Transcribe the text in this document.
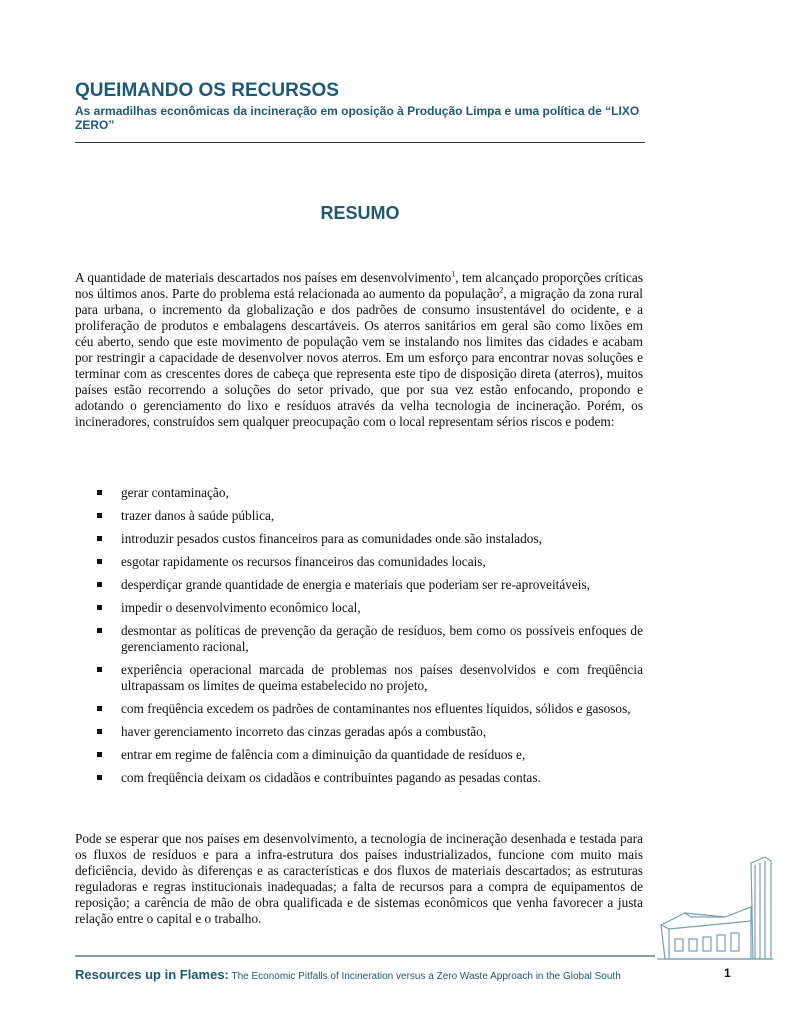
QUEIMANDO OS RECURSOS
As armadilhas econômicas da incineração em oposição à Produção Limpa e uma política de “LIXO ZERO”
RESUMO

A quantidade de materiais descartados nos países em desenvolvimento$^1$, tem alcançado proporções críticas nos últimos anos. Parte do problema está relacionada ao aumento da população$^2$, a migração da zona rural para urbana, o incremento da globalização e dos padrões de consumo insustentável do ocidente, e a proliferação de produtos e embalagens descartáveis. Os aterros sanitários em geral são como lixões em céu aberto, sendo que este movimento de população vem se instalando nos limites das cidades e acabam por restringir a capacidade de desenvolver novos aterros. Em um esforço para encontrar novas soluções e terminar com as crescentes dores de cabeça que representa este tipo de disposição direta (aterros), muitos países estão recorrendo a soluções do setor privado, que por sua vez estão enfocando, propondo e adotando o gerenciamento do lixo e resíduos através da velha tecnologia de incineração. Porém, os incineradores, construídos sem qualquer preocupação com o local representam sérios riscos e podem:

gerar contaminação,
trazer danos à saúde pública,
introduzir pesados custos financeiros para as comunidades onde são instalados,
esgotar rapidamente os recursos financeiros das comunidades locais,
desperdiçar grande quantidade de energia e materiais que poderiam ser re-aproveitáveis,
impedir o desenvolvimento econômico local,
desmontar as políticas de prevenção da geração de resíduos, bem como os possíveis enfoques de gerenciamento racional,
experiência operacional marcada de problemas nos países desenvolvidos e com freqüência ultrapassam os limites de queima estabelecido no projeto,
com freqüência excedem os padrões de contaminantes nos efluentes líquidos, sólidos e gasosos,
haver gerenciamento incorreto das cinzas geradas após a combustão,
entrar em regime de falência com a diminuição da quantidade de resíduos e,
com freqüência deixam os cidadãos e contribuintes pagando as pesadas contas.

Pode se esperar que nos países em desenvolvimento, a tecnologia de incineração desenhada e testada para os fluxos de resíduos e para a infra-estrutura dos países industrializados, funcione com muito mais deficiência, devido às diferenças e as características e dos fluxos de materiais descartados; as estruturas reguladoras e regras institucionais inadequadas; a falta de recursos para a compra de equipamentos de reposição; a carência de mão de obra qualificada e de sistemas econômicos que venha favorecer a justa relação entre o capital e o trabalho.

Resources up in Flames: The Economic Pitfalls of Incineration versus a Zero Waste Approach in the Global South	1
